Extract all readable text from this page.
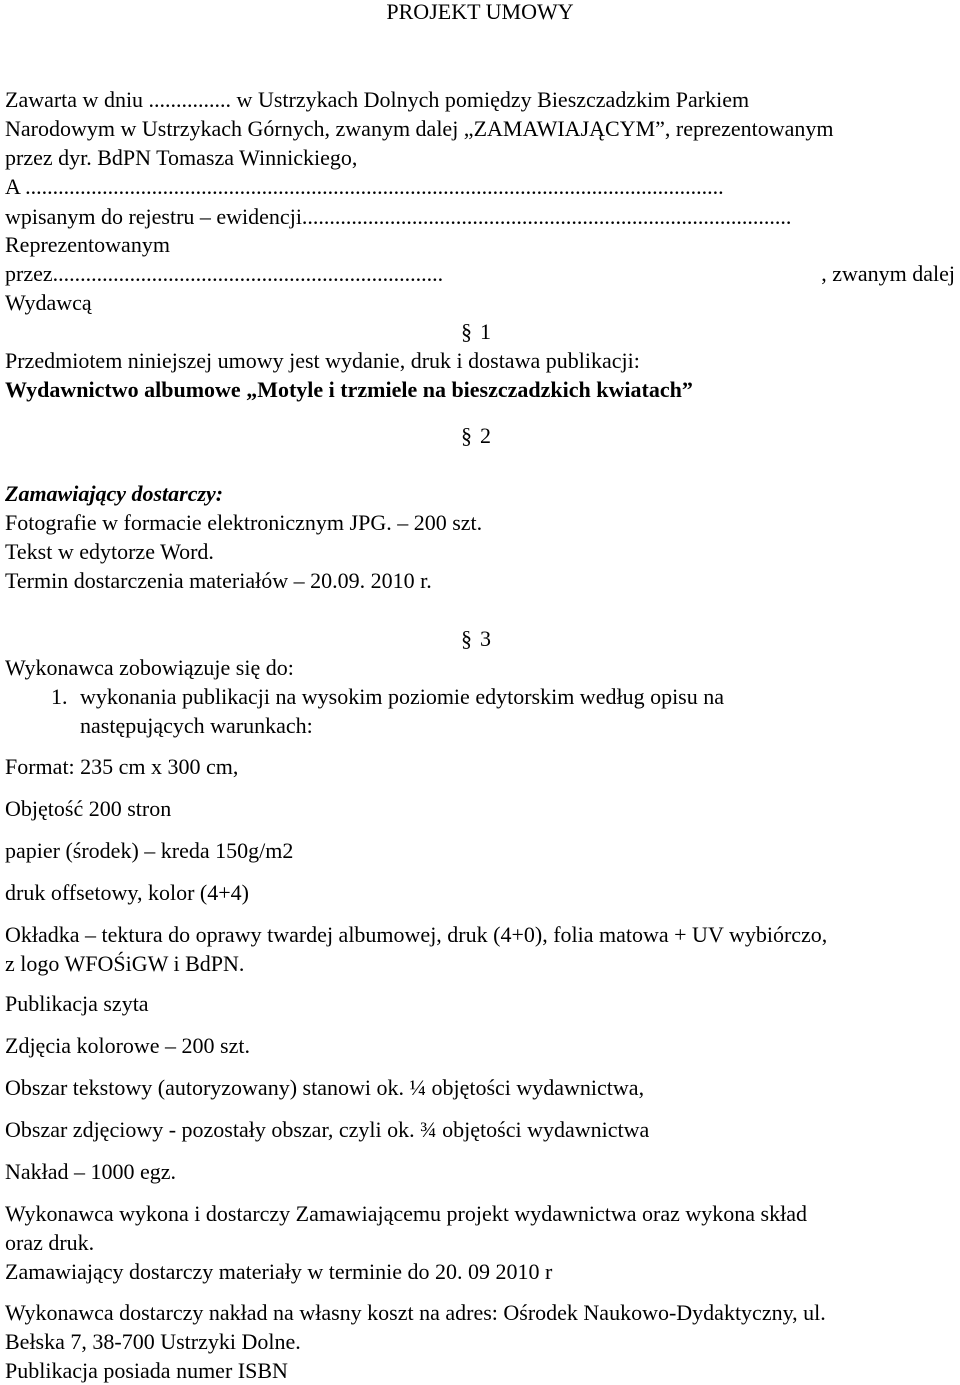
PROJEKT UMOWY
Zawarta w dniu ............... w Ustrzykach Dolnych pomiędzy Bieszczadzkim Parkiem
Narodowym w Ustrzykach Górnych, zwanym dalej „ZAMAWIAJĄCYM”, reprezentowanym
przez dyr. BdPN Tomasza Winnickiego,
A ...............................................................................................................................
wpisanym do rejestru – ewidencji.........................................................................................
Reprezentowanym
przez.......................................................................	, zwanym dalej
Wydawcą
§ 1
Przedmiotem niniejszej umowy jest wydanie, druk i dostawa publikacji:
Wydawnictwo albumowe „Motyle i trzmiele na bieszczadzkich kwiatach”
§ 2
Zamawiający dostarczy:
Fotografie w formacie elektronicznym JPG. – 200 szt.
Tekst w edytorze Word.
Termin dostarczenia materiałów – 20.09. 2010 r.
§ 3
Wykonawca zobowiązuje się do:
1. wykonania publikacji na wysokim poziomie edytorskim według opisu na
następujących warunkach:
Format: 235 cm x 300 cm,
Objętość 200 stron
papier (środek) – kreda 150g/m2
druk offsetowy, kolor (4+4)
Okładka – tektura do oprawy twardej albumowej, druk (4+0), folia matowa + UV wybiórczo,
z logo WFOŚiGW i BdPN.
Publikacja szyta
Zdjęcia kolorowe – 200 szt.
Obszar tekstowy (autoryzowany) stanowi ok. ¼ objętości wydawnictwa,
Obszar zdjęciowy - pozostały obszar, czyli ok. ¾ objętości wydawnictwa
Nakład – 1000 egz.
Wykonawca wykona i dostarczy Zamawiającemu projekt wydawnictwa oraz wykona skład
oraz druk.
Zamawiający dostarczy materiały w terminie do 20. 09 2010 r
Wykonawca dostarczy nakład na własny koszt na adres: Ośrodek Naukowo-Dydaktyczny, ul.
Bełska 7, 38-700 Ustrzyki Dolne.
Publikacja posiada numer ISBN
